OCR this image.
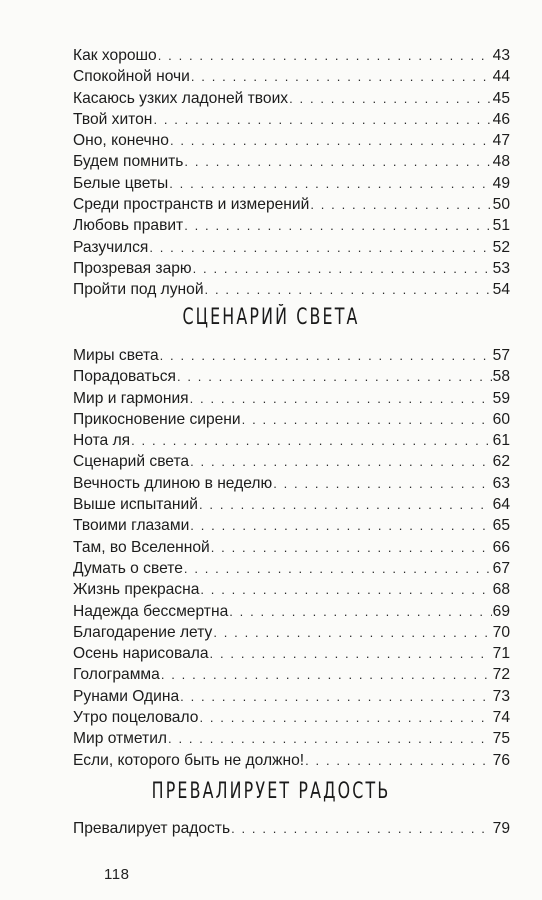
Как хорошо . . .	43
Спокойной ночи . . .	44
Касаюсь узких ладоней твоих . . .	45
Твой хитон . . .	46
Оно, конечно . . .	47
Будем помнить . . .	48
Белые цветы . . .	49
Среди пространств и измерений . . .	50
Любовь правит . . .	51
Разучился . . .	52
Прозревая зарю . . .	53
Пройти под луной . . .	54
СЦЕНАРИЙ СВЕТА
Миры света . . .	57
Порадоваться . . .	58
Мир и гармония . . .	59
Прикосновение сирени . . .	60
Нота ля . . .	61
Сценарий света . . .	62
Вечность длиною в неделю . . .	63
Выше испытаний . . .	64
Твоими глазами . . .	65
Там, во Вселенной . . .	66
Думать о свете . . .	67
Жизнь прекрасна . . .	68
Надежда бессмертна . . .	69
Благодарение лету . . .	70
Осень нарисовала . . .	71
Голограмма . . .	72
Рунами Одина . . .	73
Утро поцеловало . . .	74
Мир отметил . . .	75
Если, которого быть не должно! . . .	76
ПРЕВАЛИРУЕТ РАДОСТЬ
Превалирует радость . . .	79
118
